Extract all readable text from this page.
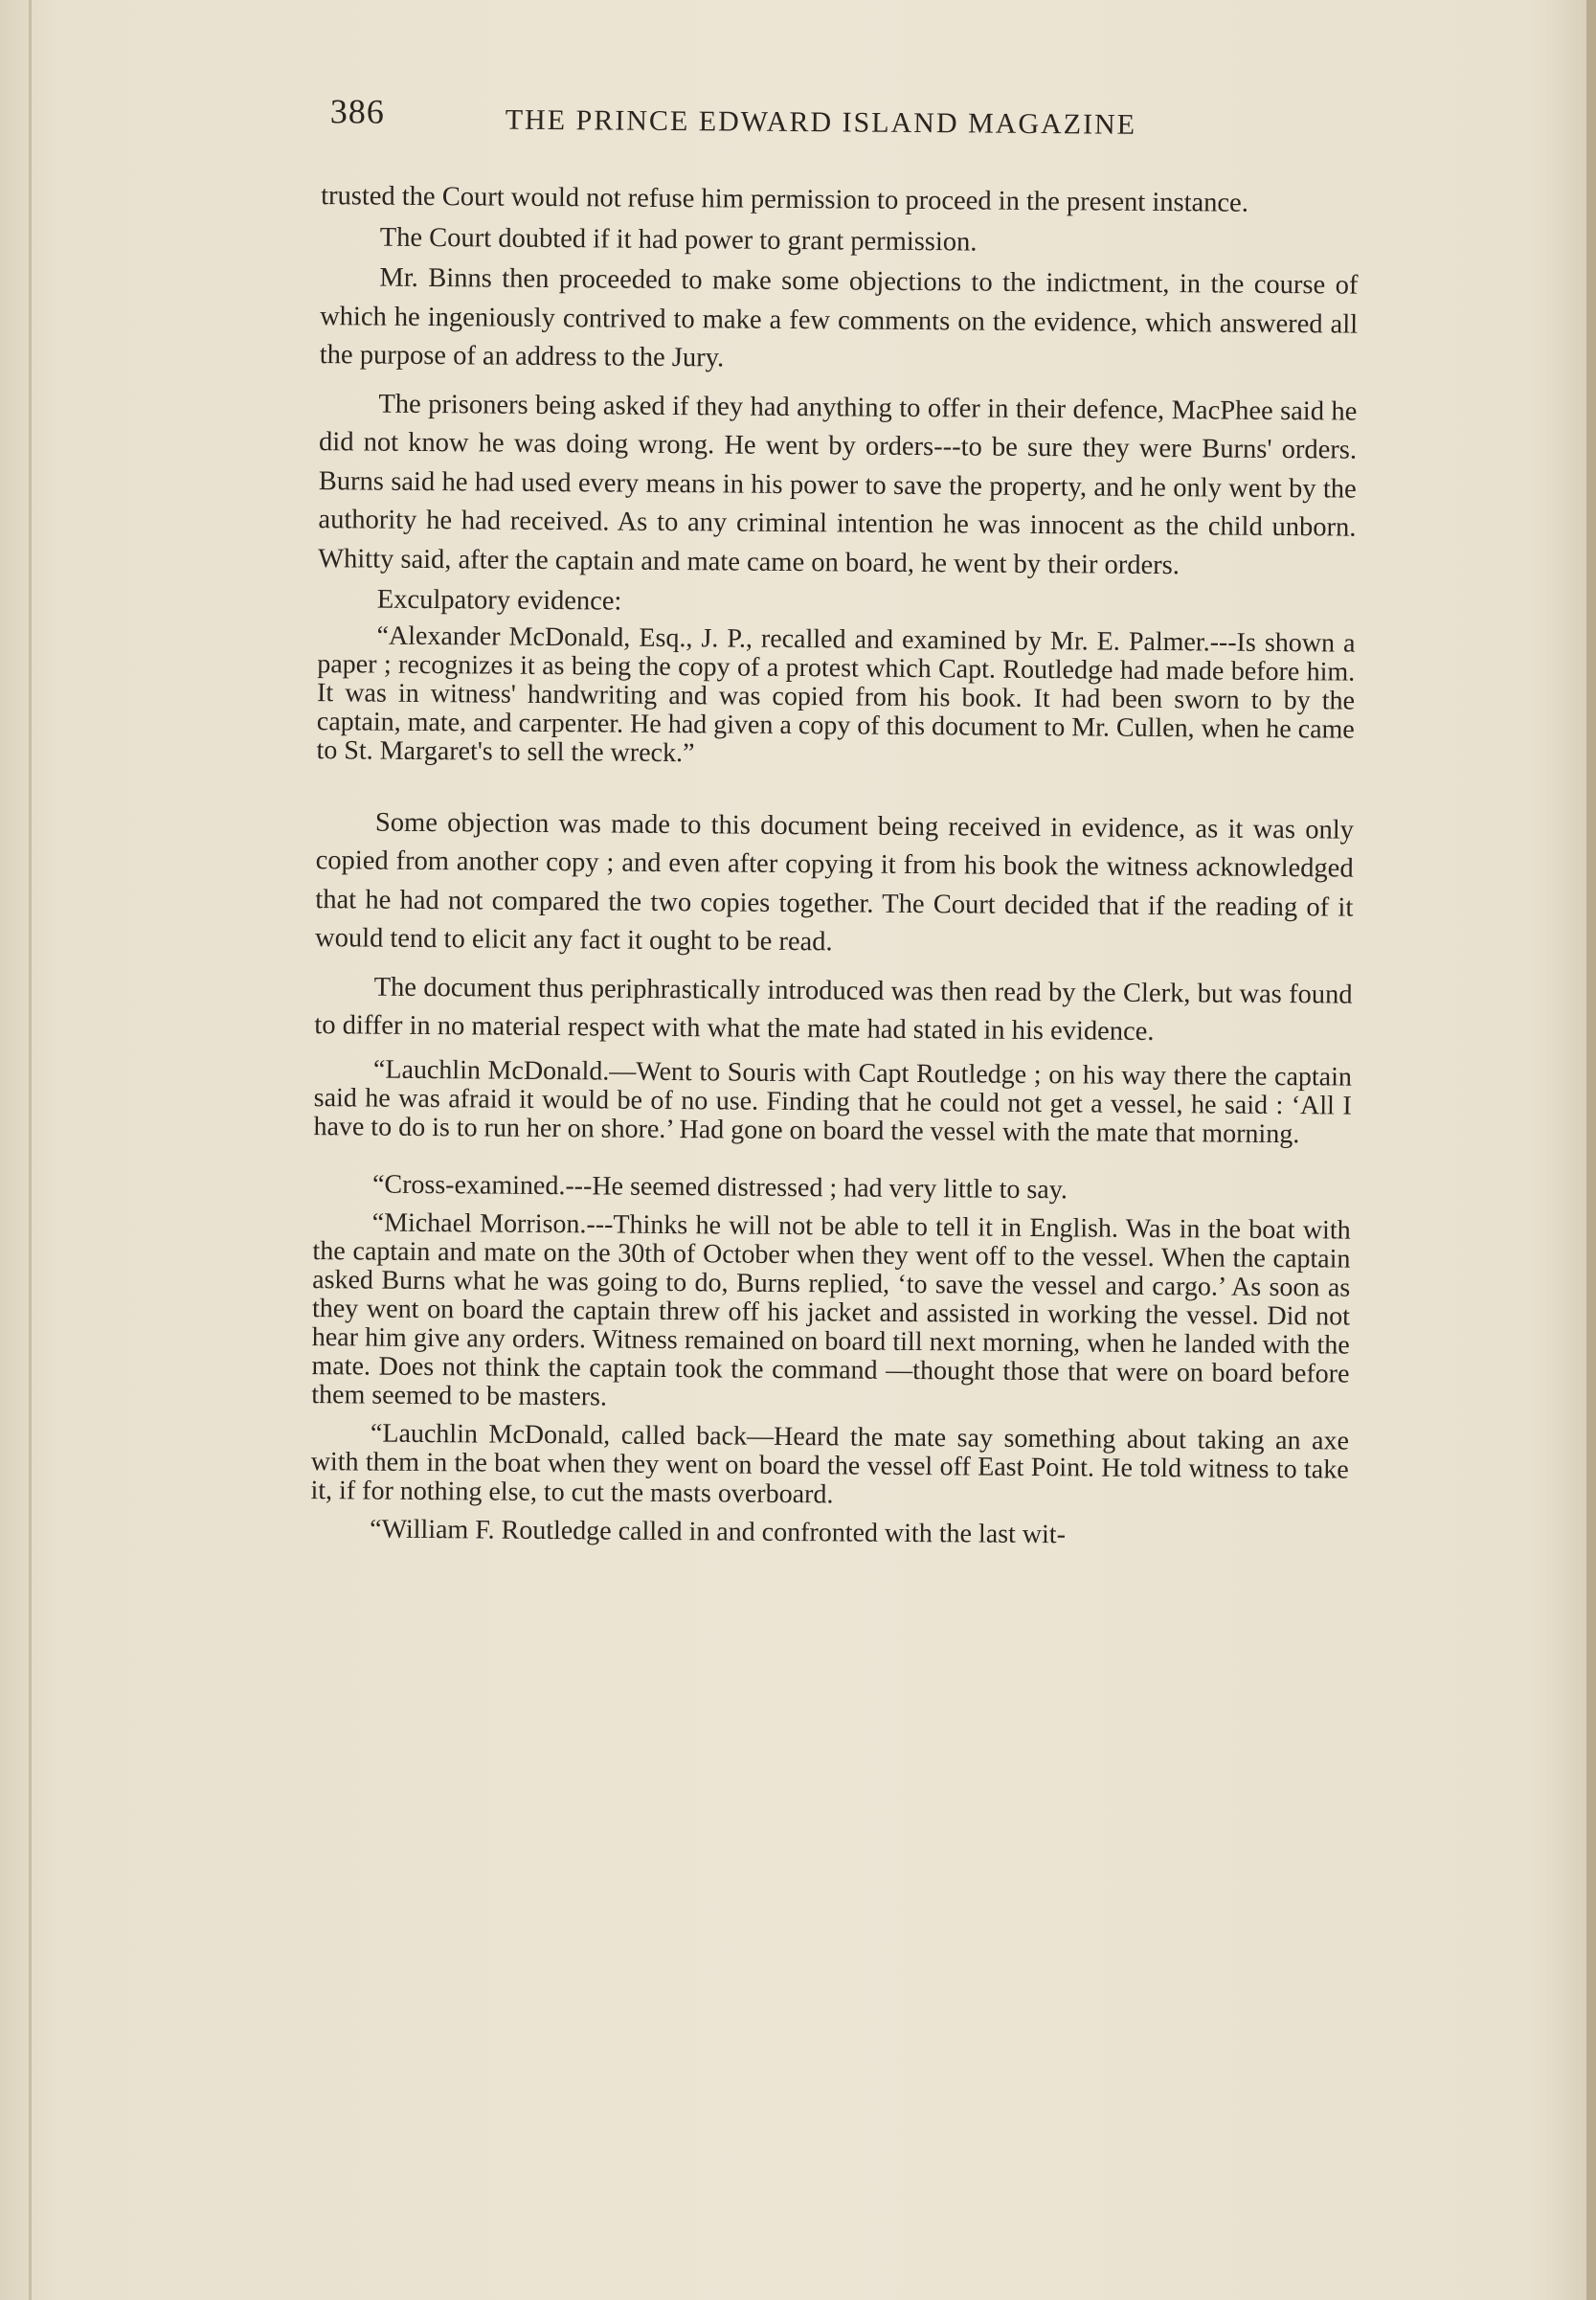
386	THE PRINCE EDWARD ISLAND MAGAZINE

trusted the Court would not refuse him permission to proceed in the present instance.

The Court doubted if it had power to grant permission.

Mr. Binns then proceeded to make some objections to the indictment, in the course of which he ingeniously contrived to make a few comments on the evidence, which answered all the purpose of an address to the Jury.

The prisoners being asked if they had anything to offer in their defence, MacPhee said he did not know he was doing wrong. He went by orders---to be sure they were Burns' orders. Burns said he had used every means in his power to save the property, and he only went by the authority he had received. As to any criminal intention he was innocent as the child unborn. Whitty said, after the captain and mate came on board, he went by their orders.

Exculpatory evidence:

“Alexander McDonald, Esq., J. P., recalled and examined by Mr. E. Palmer.---Is shown a paper ; recognizes it as being the copy of a protest which Capt. Routledge had made before him. It was in witness' handwriting and was copied from his book. It had been sworn to by the captain, mate, and carpenter. He had given a copy of this document to Mr. Cullen, when he came to St. Margaret's to sell the wreck.”

Some objection was made to this document being received in evidence, as it was only copied from another copy ; and even after copying it from his book the witness acknowledged that he had not compared the two copies together. The Court decided that if the reading of it would tend to elicit any fact it ought to be read.

The document thus periphrastically introduced was then read by the Clerk, but was found to differ in no material respect with what the mate had stated in his evidence.

“Lauchlin McDonald.—Went to Souris with Capt Routledge ; on his way there the captain said he was afraid it would be of no use. Finding that he could not get a vessel, he said : ‘All I have to do is to run her on shore.’ Had gone on board the vessel with the mate that morning.

“Cross-examined.---He seemed distressed ; had very little to say.

“Michael Morrison.---Thinks he will not be able to tell it in English. Was in the boat with the captain and mate on the 30th of October when they went off to the vessel. When the captain asked Burns what he was going to do, Burns replied, ‘to save the vessel and cargo.’ As soon as they went on board the captain threw off his jacket and assisted in working the vessel. Did not hear him give any orders. Witness remained on board till next morning, when he landed with the mate. Does not think the captain took the command —thought those that were on board before them seemed to be masters.

“Lauchlin McDonald, called back—Heard the mate say something about taking an axe with them in the boat when they went on board the vessel off East Point. He told witness to take it, if for nothing else, to cut the masts overboard.

“William F. Routledge called in and confronted with the last wit-
